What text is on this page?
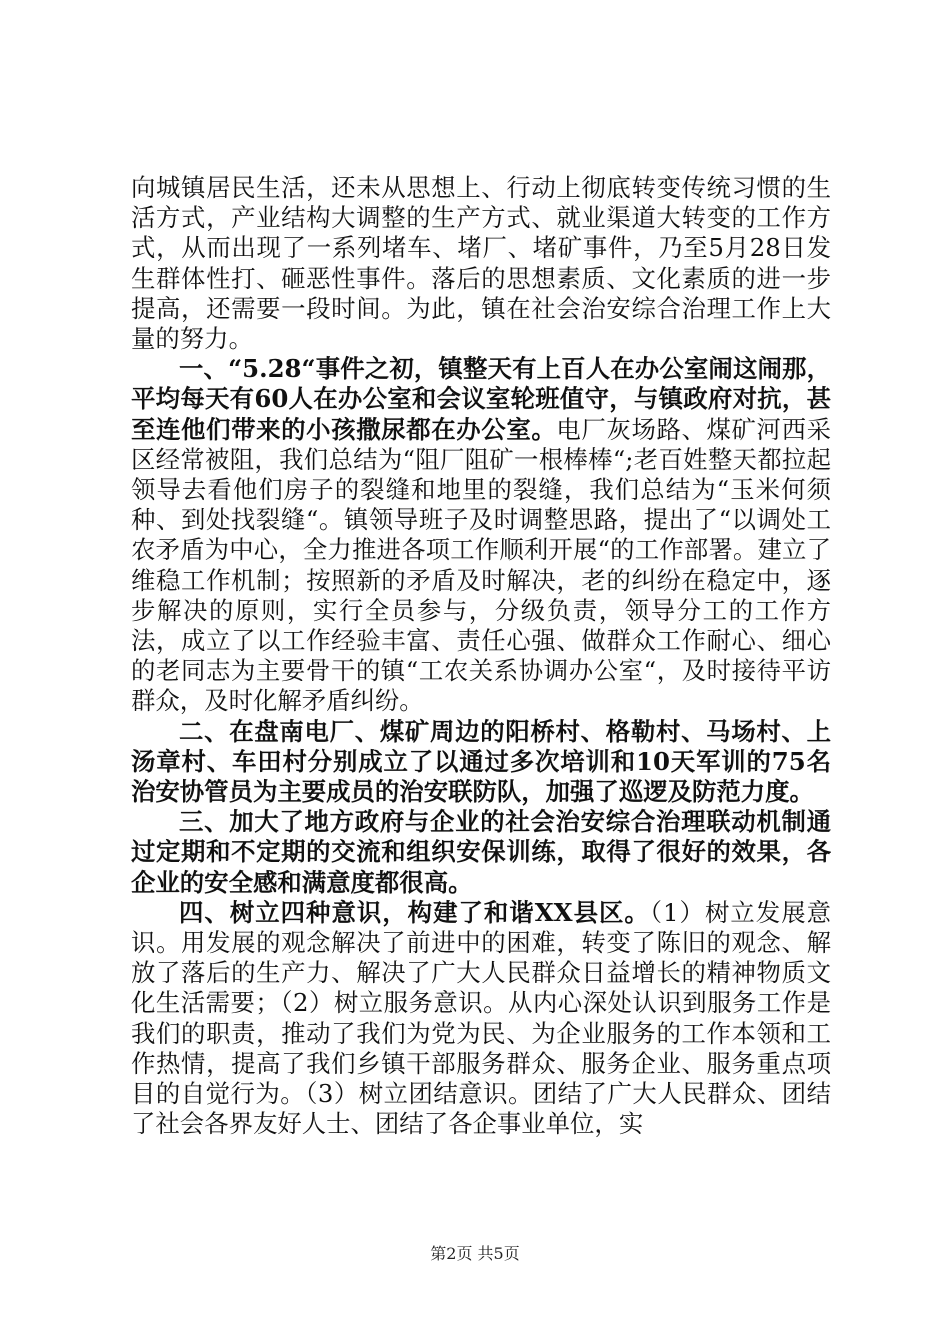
向城镇居民生活，还未从思想上、行动上彻底转变传统习惯的生活方式，产业结构大调整的生产方式、就业渠道大转变的工作方式，从而出现了一系列堵车、堵厂、堵矿事件，乃至5月28日发生群体性打、砸恶性事件。落后的思想素质、文化素质的进一步提高，还需要一段时间。为此，镇在社会治安综合治理工作上大量的努力。

一、“5.28“事件之初，镇整天有上百人在办公室闹这闹那，平均每天有60人在办公室和会议室轮班值守，与镇政府对抗，甚至连他们带来的小孩撒尿都在办公室。电厂灰场路、煤矿河西采区经常被阻，我们总结为“阻厂阻矿一根棒棒“;老百姓整天都拉起领导去看他们房子的裂缝和地里的裂缝，我们总结为“玉米何须种、到处找裂缝“。镇领导班子及时调整思路，提出了“以调处工农矛盾为中心，全力推进各项工作顺利开展“的工作部署。建立了维稳工作机制；按照新的矛盾及时解决，老的纠纷在稳定中，逐步解决的原则，实行全员参与，分级负责，领导分工的工作方法，成立了以工作经验丰富、责任心强、做群众工作耐心、细心的老同志为主要骨干的镇“工农关系协调办公室“，及时接待平访群众，及时化解矛盾纠纷。

二、在盘南电厂、煤矿周边的阳桥村、格勒村、马场村、上汤章村、车田村分别成立了以通过多次培训和10天军训的75名治安协管员为主要成员的治安联防队，加强了巡逻及防范力度。

三、加大了地方政府与企业的社会治安综合治理联动机制通过定期和不定期的交流和组织安保训练，取得了很好的效果，各企业的安全感和满意度都很高。

四、树立四种意识，构建了和谐XX县区。（1）树立发展意识。用发展的观念解决了前进中的困难，转变了陈旧的观念、解放了落后的生产力、解决了广大人民群众日益增长的精神物质文化生活需要；（2）树立服务意识。从内心深处认识到服务工作是我们的职责，推动了我们为党为民、为企业服务的工作本领和工作热情，提高了我们乡镇干部服务群众、服务企业、服务重点项目的自觉行为。（3）树立团结意识。团结了广大人民群众、团结了社会各界友好人士、团结了各企事业单位，实

第2页 共5页
